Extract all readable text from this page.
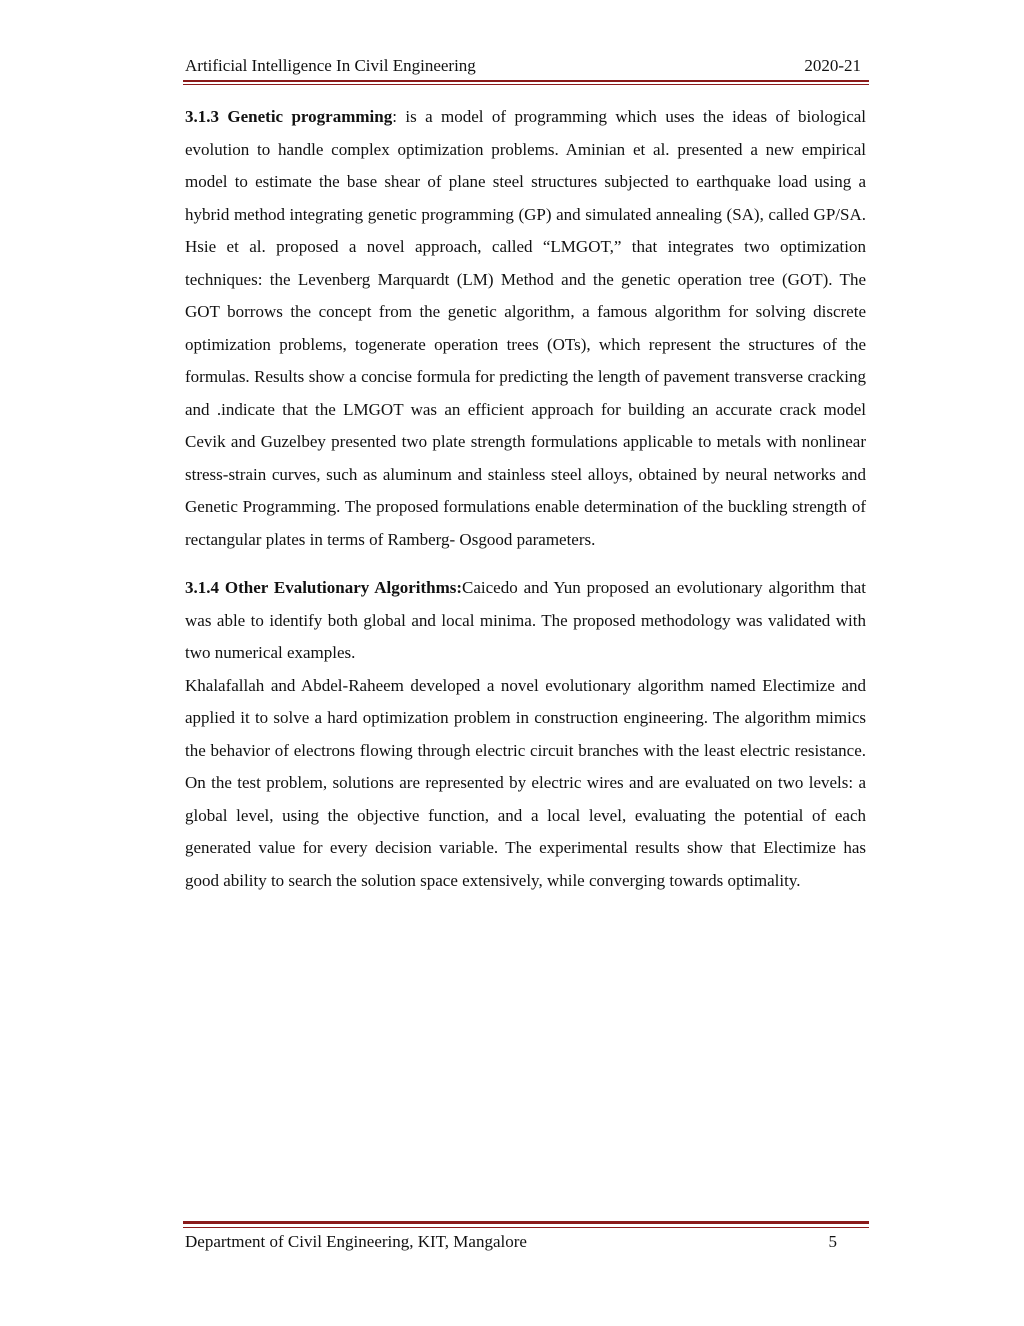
Artificial Intelligence In Civil Engineering	2020-21

3.1.3 Genetic programming: is a model of programming which uses the ideas of biological evolution to handle complex optimization problems. Aminian et al. presented a new empirical model to estimate the base shear of plane steel structures subjected to earthquake load using a hybrid method integrating genetic programming (GP) and simulated annealing (SA), called GP/SA. Hsie et al. proposed a novel approach, called “LMGOT,” that integrates two optimization techniques: the Levenberg Marquardt (LM) Method and the genetic operation tree (GOT). The GOT borrows the concept from the genetic algorithm, a famous algorithm for solving discrete optimization problems, togenerate operation trees (OTs), which represent the structures of the formulas. Results show a concise formula for predicting the length of pavement transverse cracking and .indicate that the LMGOT was an efficient approach for building an accurate crack model Cevik and Guzelbey presented two plate strength formulations applicable to metals with nonlinear stress-strain curves, such as aluminum and stainless steel alloys, obtained by neural networks and Genetic Programming. The proposed formulations enable determination of the buckling strength of rectangular plates in terms of Ramberg- Osgood parameters.

3.1.4 Other Evalutionary Algorithms:Caicedo and Yun proposed an evolutionary algorithm that was able to identify both global and local minima. The proposed methodology was validated with two numerical examples.

Khalafallah and Abdel-Raheem developed a novel evolutionary algorithm named Electimize and applied it to solve a hard optimization problem in construction engineering. The algorithm mimics the behavior of electrons flowing through electric circuit branches with the least electric resistance. On the test problem, solutions are represented by electric wires and are evaluated on two levels: a global level, using the objective function, and a local level, evaluating the potential of each generated value for every decision variable. The experimental results show that Electimize has good ability to search the solution space extensively, while converging towards optimality.

Department of Civil Engineering, KIT, Mangalore	5
